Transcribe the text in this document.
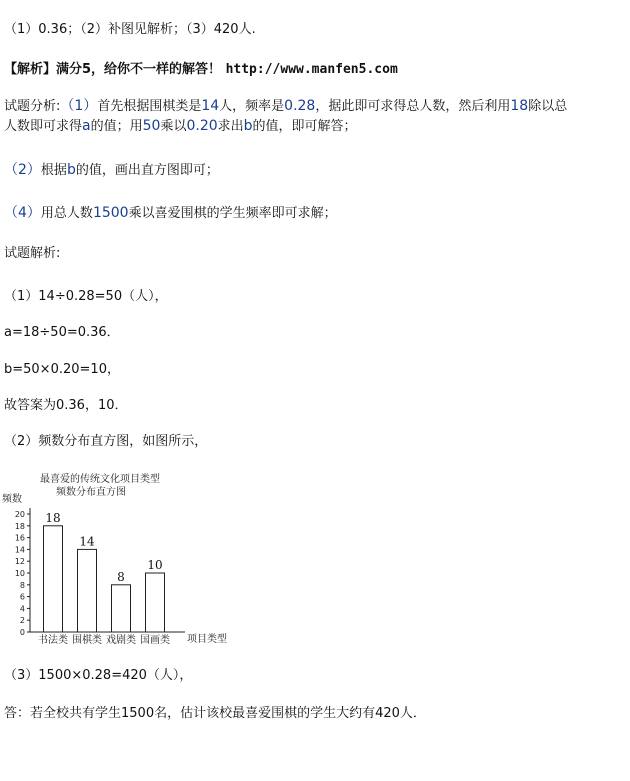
（1）0.36；（2）补图见解析；（3）420人.
【解析】满分5，给你不一样的解答！ http://www.manfen5.com
试题分析:（1）首先根据围棋类是14人，频率是0.28，据此即可求得总人数，然后利用18除以总
人数即可求得a的值；用50乘以0.20求出b的值，即可解答；
（2）根据b的值，画出直方图即可；
（4）用总人数1500乘以喜爱围棋的学生频率即可求解；
试题解析:
（1）14÷0.28=50（人），
a=18÷50=0.36．
b=50×0.20=10，
故答案为0.36，10．
（2）频数分布直方图，如图所示，
最喜爱的传统文化项目类型
频数分布直方图
频数
项目类型
0
2
4
6
8
10
12
14
16
18
20 18
书法类
14
围棋类
8
戏剧类
10
国画类
（3）1500×0.28=420（人），
答：若全校共有学生1500名，估计该校最喜爱围棋的学生大约有420人．
